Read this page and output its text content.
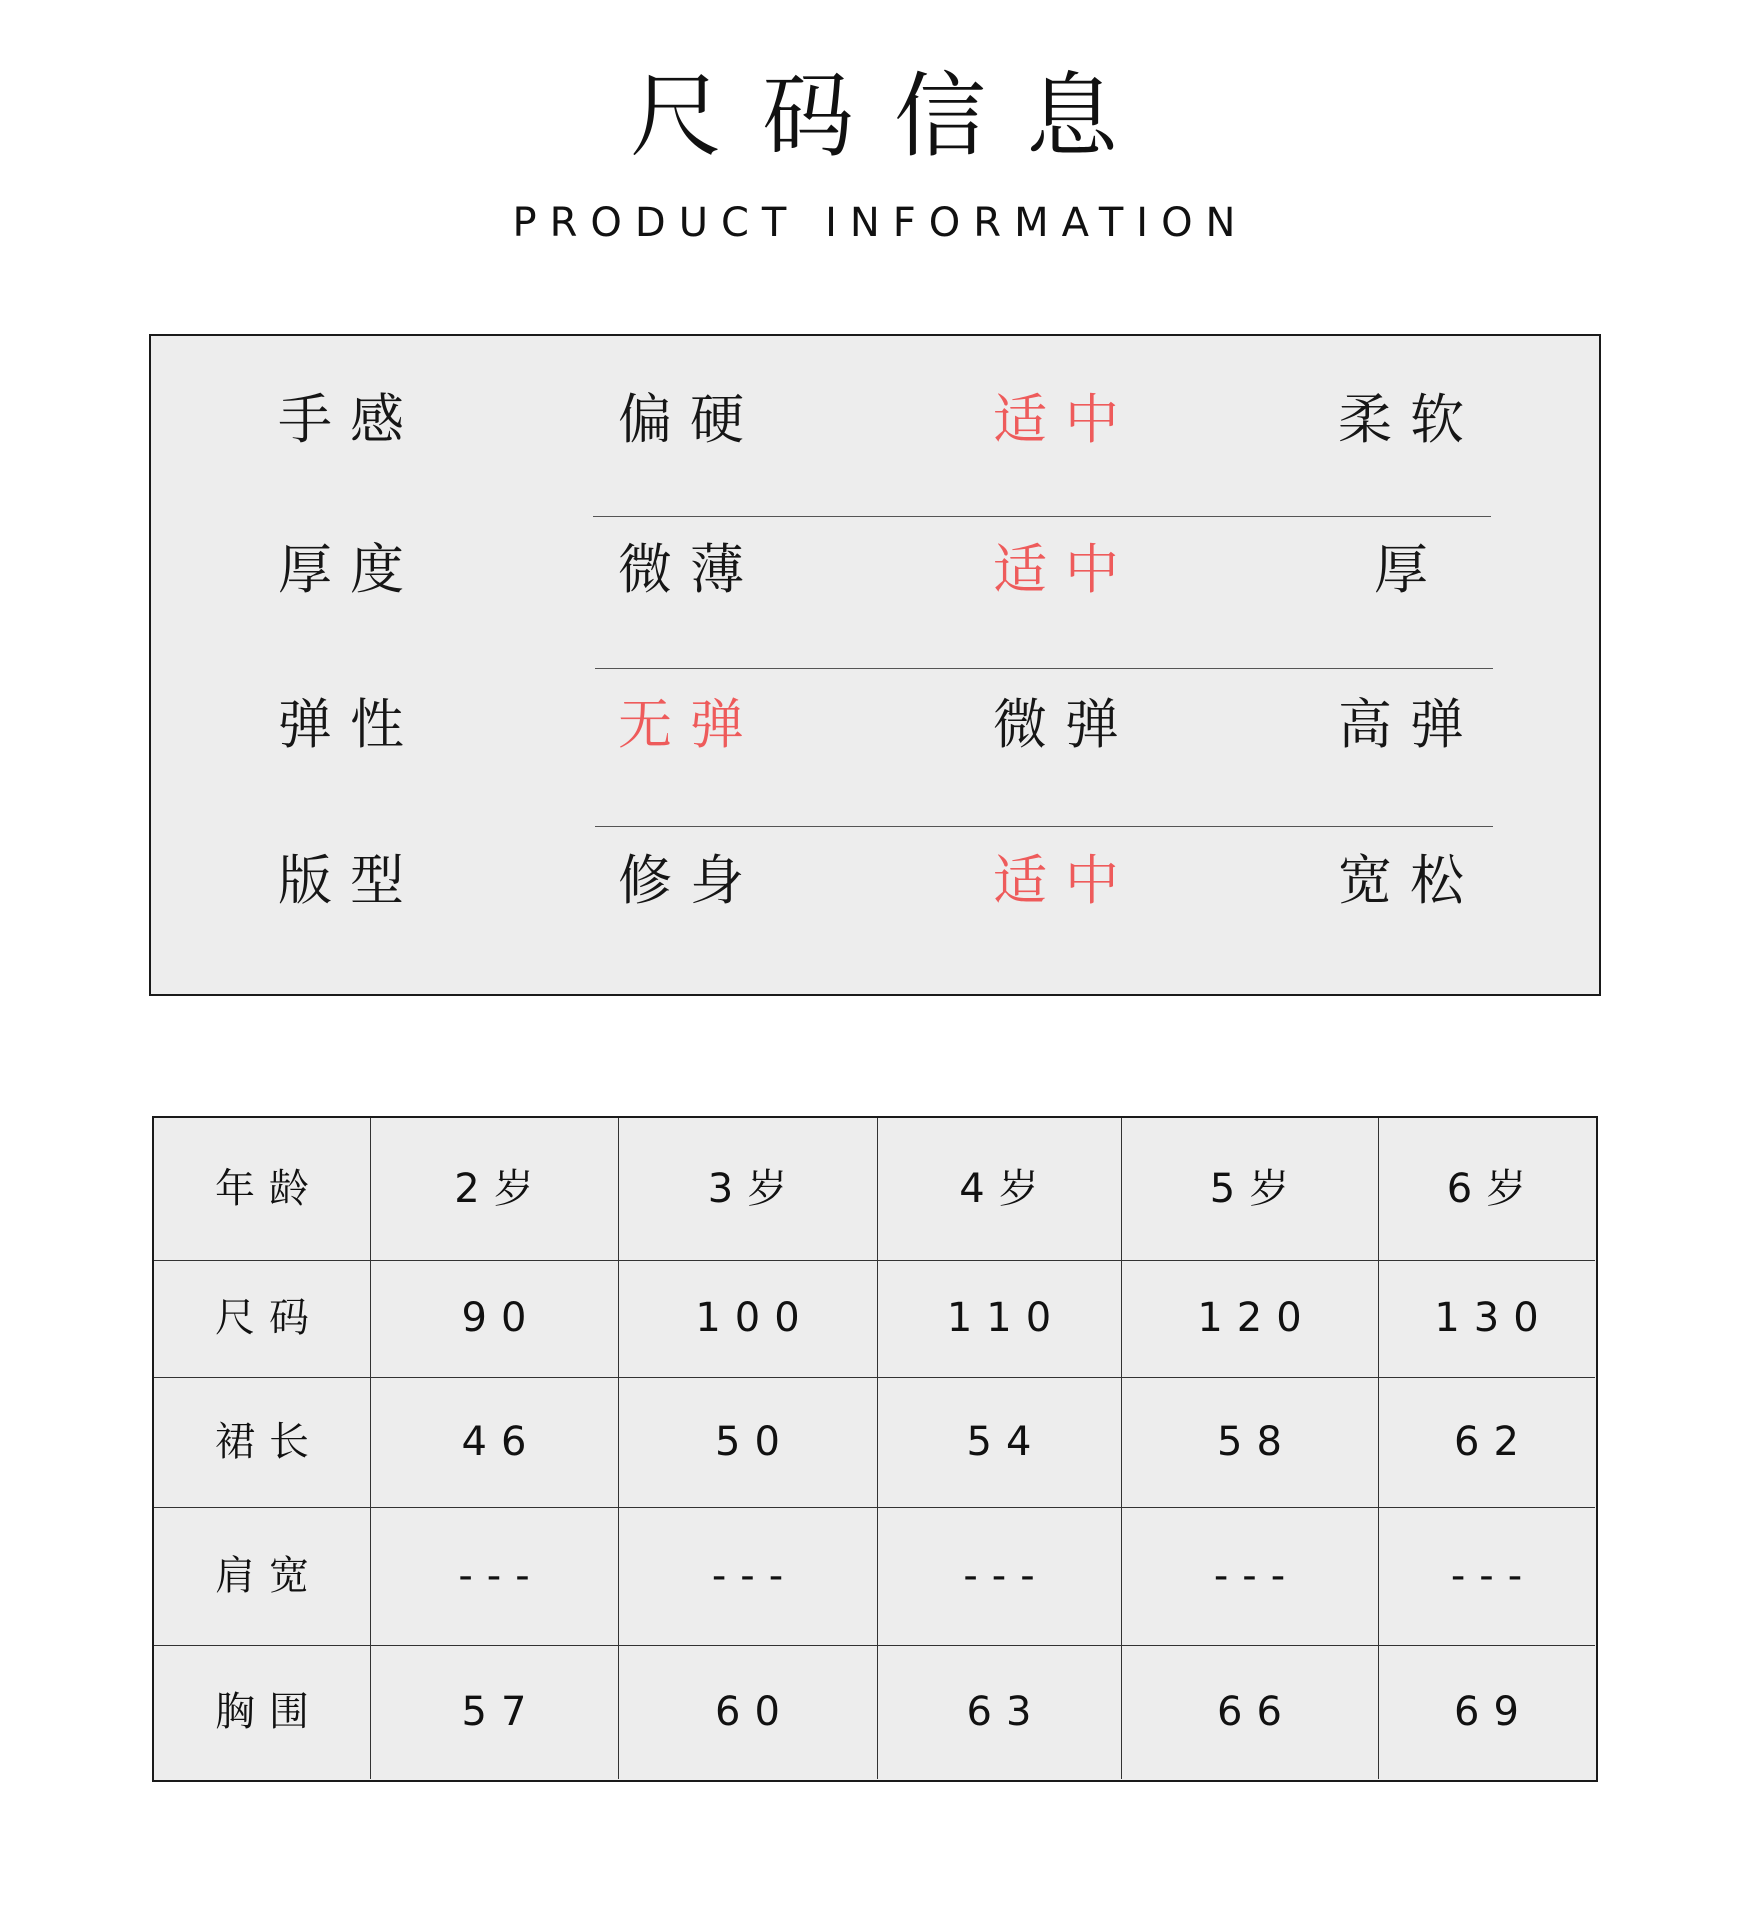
尺码信息
PRODUCT INFORMATION
手感	偏硬	适中	柔软
厚度	微薄	适中	厚
弹性	无弹	微弹	高弹
版型	修身	适中	宽松
年龄	2岁	3岁	4岁	5岁	6岁
尺码	90	100	110	120	130
裙长	46	50	54	58	62
肩宽	---	---	---	---	---
胸围	57	60	63	66	69
